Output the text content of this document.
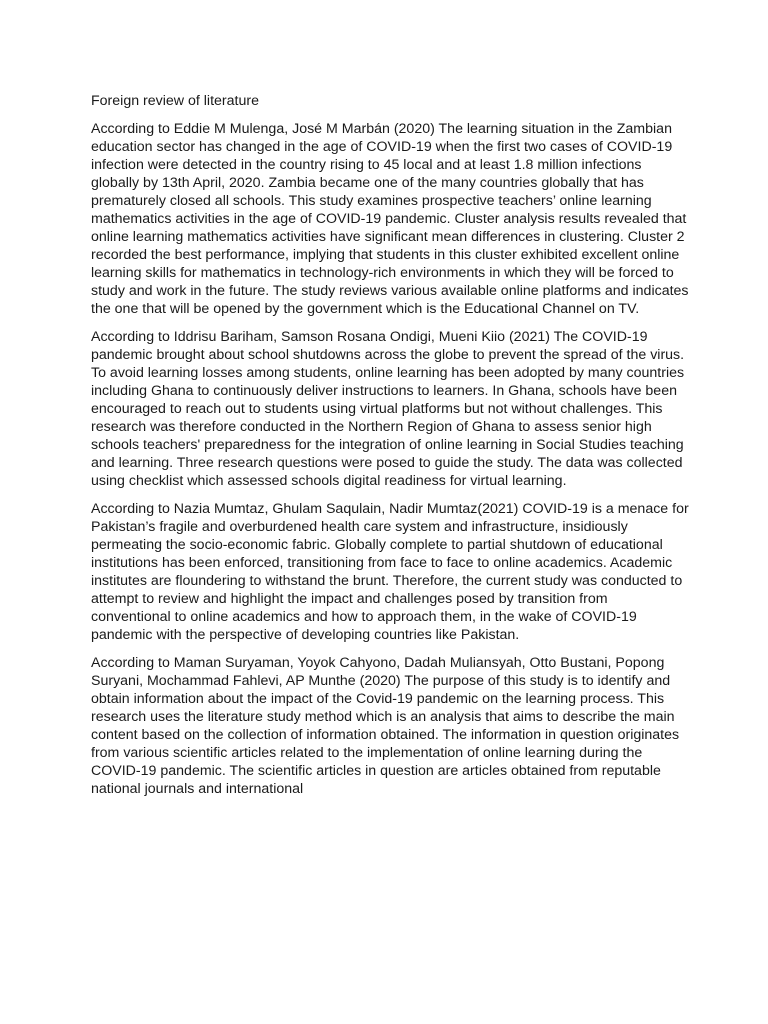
Foreign review of literature

According to Eddie M Mulenga, José M Marbán (2020) The learning situation in the Zambian education sector has changed in the age of COVID-19 when the first two cases of COVID-19 infection were detected in the country rising to 45 local and at least 1.8 million infections globally by 13th April, 2020. Zambia became one of the many countries globally that has prematurely closed all schools. This study examines prospective teachers’ online learning mathematics activities in the age of COVID-19 pandemic. Cluster analysis results revealed that online learning mathematics activities have significant mean differences in clustering. Cluster 2 recorded the best performance, implying that students in this cluster exhibited excellent online learning skills for mathematics in technology-rich environments in which they will be forced to study and work in the future. The study reviews various available online platforms and indicates the one that will be opened by the government which is the Educational Channel on TV.

According to Iddrisu Bariham, Samson Rosana Ondigi, Mueni Kiio (2021) The COVID-19 pandemic brought about school shutdowns across the globe to prevent the spread of the virus. To avoid learning losses among students, online learning has been adopted by many countries including Ghana to continuously deliver instructions to learners. In Ghana, schools have been encouraged to reach out to students using virtual platforms but not without challenges. This research was therefore conducted in the Northern Region of Ghana to assess senior high schools teachers' preparedness for the integration of online learning in Social Studies teaching and learning. Three research questions were posed to guide the study. The data was collected using checklist which assessed schools digital readiness for virtual learning.

According to Nazia Mumtaz, Ghulam Saqulain, Nadir Mumtaz(2021) COVID-19 is a menace for Pakistan’s fragile and overburdened health care system and infrastructure, insidiously permeating the socio-economic fabric. Globally complete to partial shutdown of educational institutions has been enforced, transitioning from face to face to online academics. Academic institutes are floundering to withstand the brunt. Therefore, the current study was conducted to attempt to review and highlight the impact and challenges posed by transition from conventional to online academics and how to approach them, in the wake of COVID-19 pandemic with the perspective of developing countries like Pakistan.

According to Maman Suryaman, Yoyok Cahyono, Dadah Muliansyah, Otto Bustani, Popong Suryani, Mochammad Fahlevi, AP Munthe (2020) The purpose of this study is to identify and obtain information about the impact of the Covid-19 pandemic on the learning process. This research uses the literature study method which is an analysis that aims to describe the main content based on the collection of information obtained. The information in question originates from various scientific articles related to the implementation of online learning during the COVID-19 pandemic. The scientific articles in question are articles obtained from reputable national journals and international
